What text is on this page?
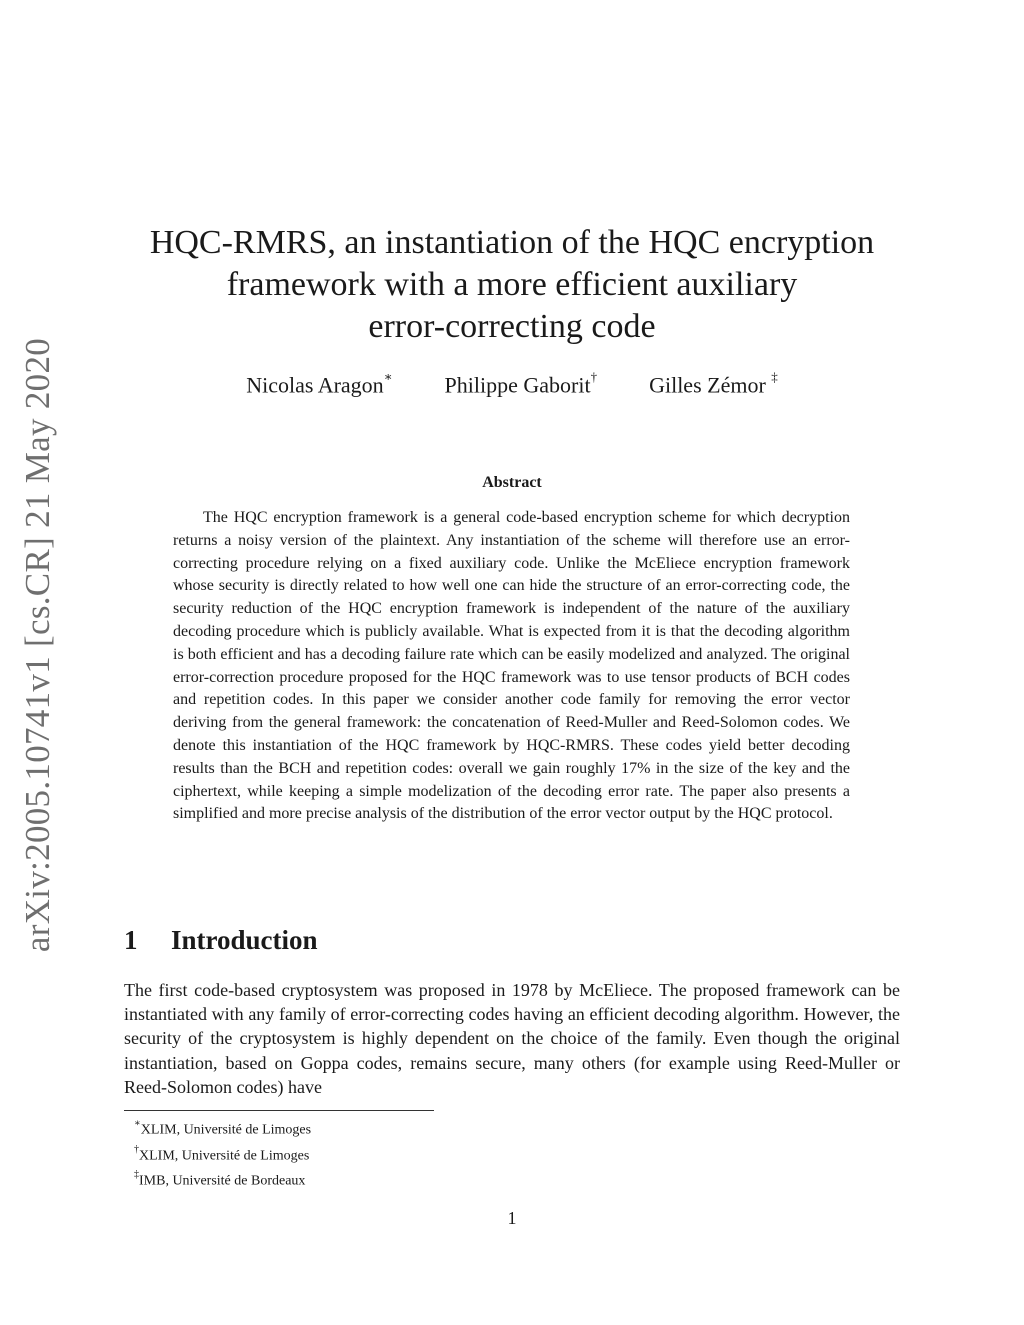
arXiv:2005.10741v1 [cs.CR] 21 May 2020
HQC-RMRS, an instantiation of the HQC encryption
framework with a more efficient auxiliary
error-correcting code
Nicolas Aragon∗ Philippe Gaborit† Gilles Zémor ‡
Abstract

The HQC encryption framework is a general code-based encryption scheme for which decryption returns a noisy version of the plaintext. Any instantiation of the scheme will therefore use an error-correcting procedure relying on a fixed auxiliary code. Unlike the McEliece encryption framework whose security is directly related to how well one can hide the structure of an error-correcting code, the security reduction of the HQC encryption framework is independent of the nature of the auxiliary decoding procedure which is publicly available. What is expected from it is that the decoding algorithm is both efficient and has a decoding failure rate which can be easily modelized and analyzed. The original error-correction procedure proposed for the HQC framework was to use tensor products of BCH codes and repetition codes. In this paper we consider another code family for removing the error vector deriving from the general framework: the concatenation of Reed-Muller and Reed-Solomon codes. We denote this instantiation of the HQC framework by HQC-RMRS. These codes yield better decoding results than the BCH and repetition codes: overall we gain roughly 17% in the size of the key and the ciphertext, while keeping a simple modelization of the decoding error rate. The paper also presents a simplified and more precise analysis of the distribution of the error vector output by the HQC protocol.

1 Introduction

The first code-based cryptosystem was proposed in 1978 by McEliece. The proposed framework can be instantiated with any family of error-correcting codes having an efficient decoding algorithm. However, the security of the cryptosystem is highly dependent on the choice of the family. Even though the original instantiation, based on Goppa codes, remains secure, many others (for example using Reed-Muller or Reed-Solomon codes) have

∗XLIM, Université de Limoges
†XLIM, Université de Limoges
‡IMB, Université de Bordeaux
1
